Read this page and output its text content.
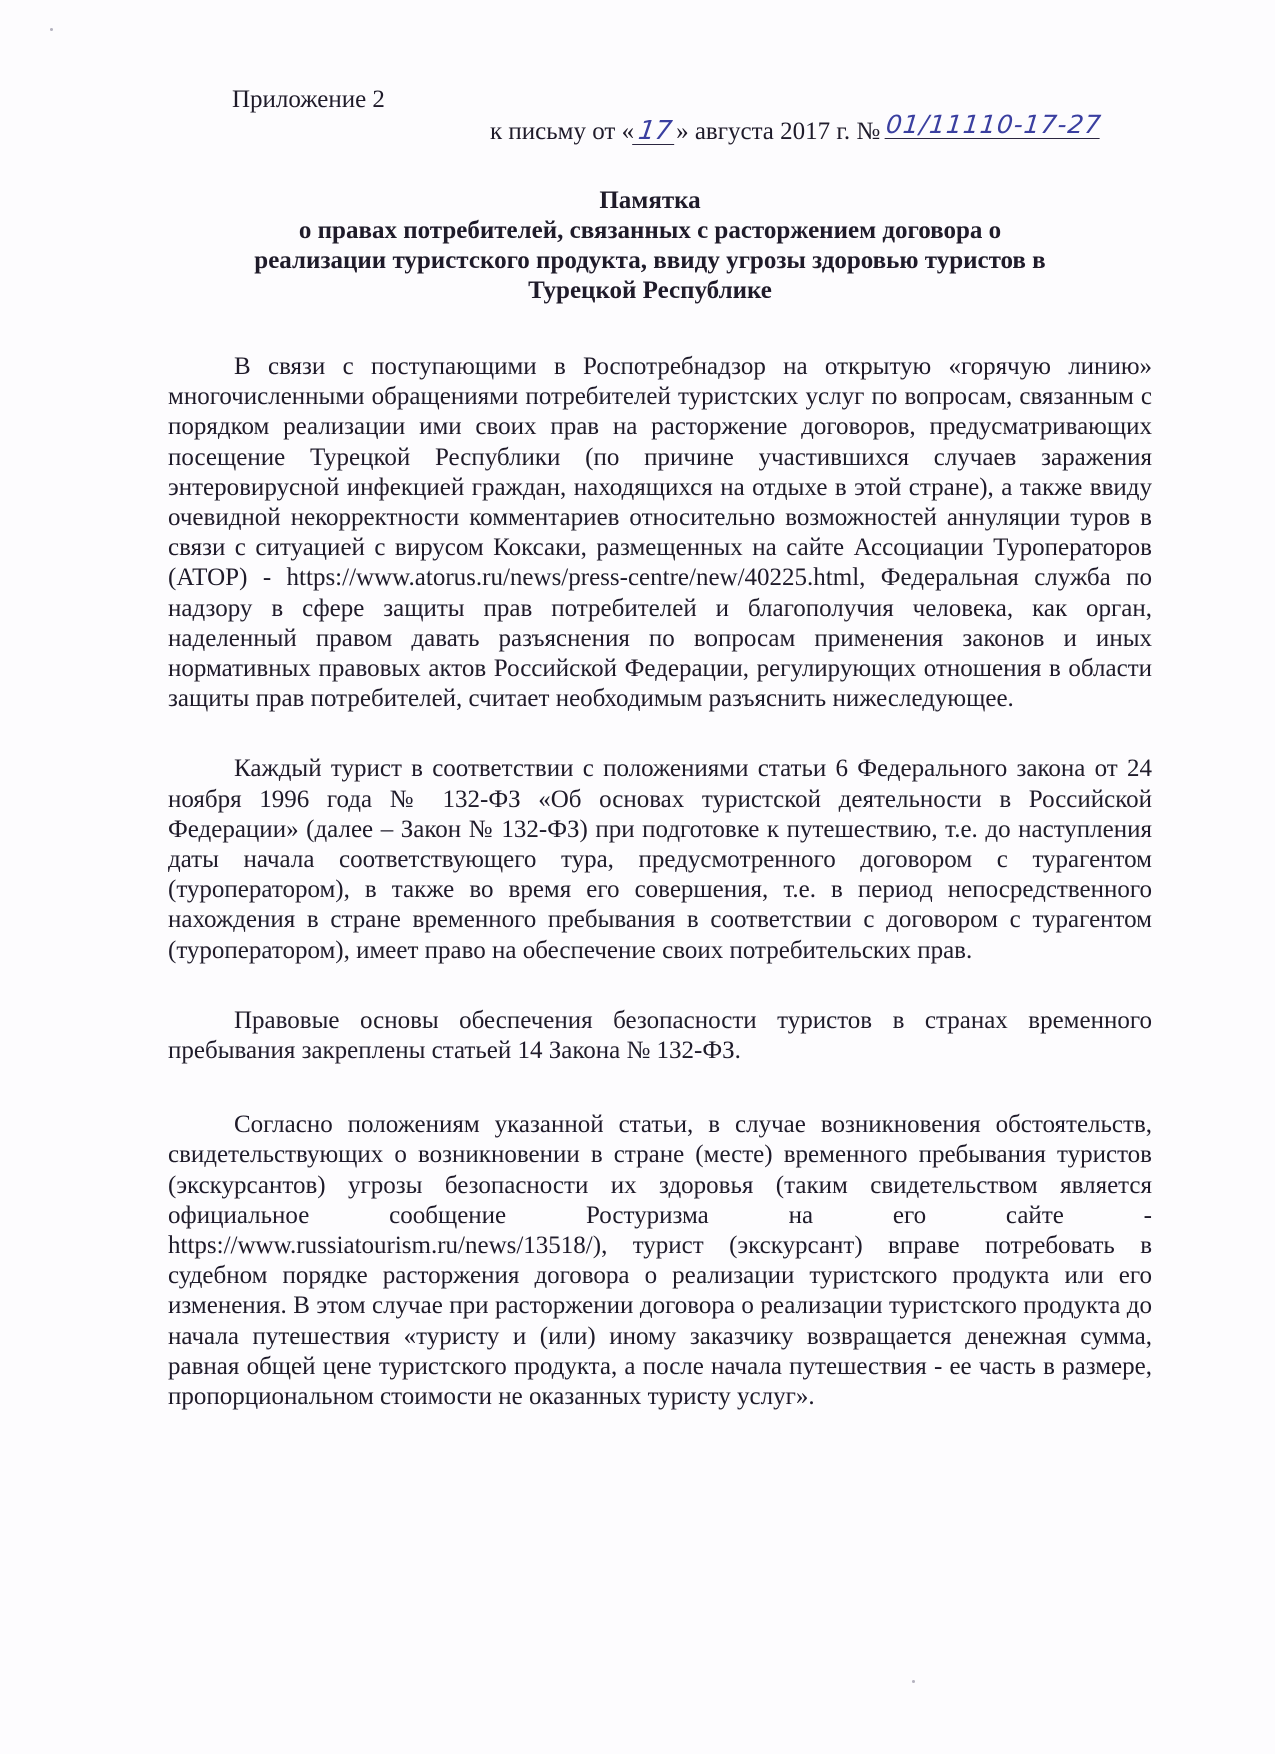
Приложение 2
к письму от «17» августа 2017 г. № 01/11110-17-27
Памятка
о правах потребителей, связанных с расторжением договора о
реализации туристского продукта, ввиду угрозы здоровью туристов в
Турецкой Республике

В связи с поступающими в Роспотребнадзор на открытую «горячую линию» многочисленными обращениями потребителей туристских услуг по вопросам, связанным с порядком реализации ими своих прав на расторжение договоров, предусматривающих посещение Турецкой Республики (по причине участившихся случаев заражения энтеровирусной инфекцией граждан, находящихся на отдыхе в этой стране), а также ввиду очевидной некорректности комментариев относительно возможностей аннуляции туров в связи с ситуацией с вирусом Коксаки, размещенных на сайте Ассоциации Туроператоров (АТОР) - https://www.atorus.ru/news/press-centre/new/40225.html, Федеральная служба по надзору в сфере защиты прав потребителей и благополучия человека, как орган, наделенный правом давать разъяснения по вопросам применения законов и иных нормативных правовых актов Российской Федерации, регулирующих отношения в области защиты прав потребителей, считает необходимым разъяснить нижеследующее.

Каждый турист в соответствии с положениями статьи 6 Федерального закона от 24 ноября 1996 года № 132-ФЗ «Об основах туристской деятельности в Российской Федерации» (далее – Закон № 132-ФЗ) при подготовке к путешествию, т.е. до наступления даты начала соответствующего тура, предусмотренного договором с турагентом (туроператором), в также во время его совершения, т.е. в период непосредственного нахождения в стране временного пребывания в соответствии с договором с турагентом (туроператором), имеет право на обеспечение своих потребительских прав.

Правовые основы обеспечения безопасности туристов в странах временного пребывания закреплены статьей 14 Закона № 132-ФЗ.

Согласно положениям указанной статьи, в случае возникновения обстоятельств, свидетельствующих о возникновении в стране (месте) временного пребывания туристов (экскурсантов) угрозы безопасности их здоровья (таким свидетельством является официальное сообщение Ростуризма на его сайте - https://www.russiatourism.ru/news/13518/), турист (экскурсант) вправе потребовать в судебном порядке расторжения договора о реализации туристского продукта или его изменения. В этом случае при расторжении договора о реализации туристского продукта до начала путешествия «туристу и (или) иному заказчику возвращается денежная сумма, равная общей цене туристского продукта, а после начала путешествия - ее часть в размере, пропорциональном стоимости не оказанных туристу услуг».
